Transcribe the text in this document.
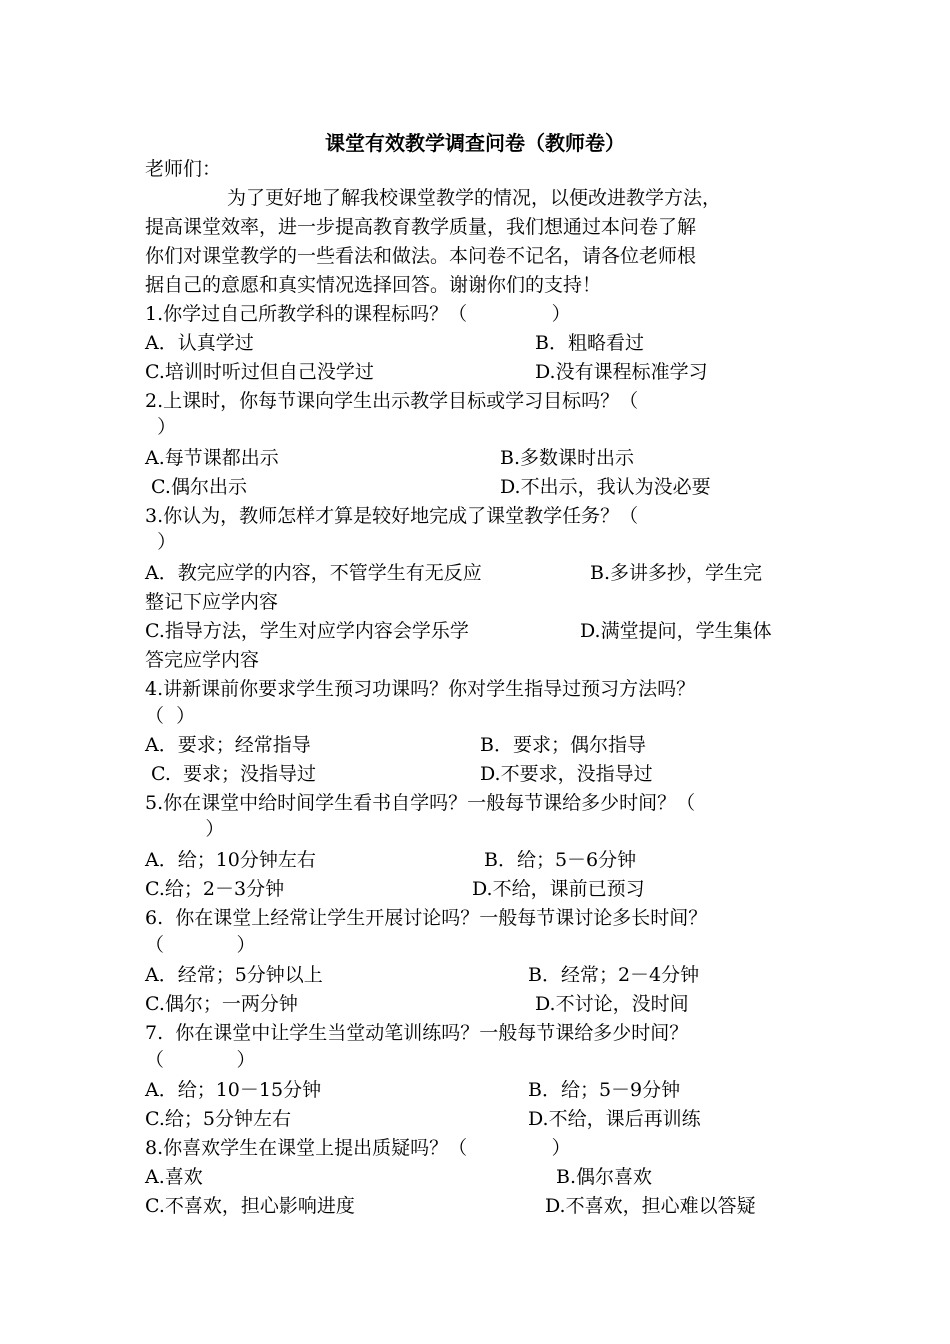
课堂有效教学调查问卷（教师卷）
老师们：
为了更好地了解我校课堂教学的情况，以便改进教学方法，
提高课堂效率，进一步提高教育教学质量，我们想通过本问卷了解
你们对课堂教学的一些看法和做法。本问卷不记名，请各位老师根
据自己的意愿和真实情况选择回答。谢谢你们的支持！
1.你学过自己所教学科的课程标吗？（              ）
A．认真学过	B．粗略看过
C.培训时听过但自己没学过	D.没有课程标准学习
2.上课时，你每节课向学生出示教学目标或学习目标吗？（
）
A.每节课都出示	B.多数课时出示
C.偶尔出示	D.不出示，我认为没必要
3.你认为，教师怎样才算是较好地完成了课堂教学任务？（
）
A．教完应学的内容，不管学生有无反应	B.多讲多抄，学生完
整记下应学内容
C.指导方法，学生对应学内容会学乐学	D.满堂提问，学生集体
答完应学内容
4.讲新课前你要求学生预习功课吗？你对学生指导过预习方法吗？
（  ）
A．要求；经常指导	B．要求；偶尔指导
C.  要求；没指导过	D.不要求，没指导过
5.你在课堂中给时间学生看书自学吗？一般每节课给多少时间？（
）
A．给；10分钟左右	B．给；5－6分钟
C.给；2－3分钟	D.不给，课前已预习
6.  你在课堂上经常让学生开展讨论吗？一般每节课讨论多长时间？
（            ）
A．经常；5分钟以上	B．经常；2－4分钟
C.偶尔；一两分钟	D.不讨论，没时间
7.  你在课堂中让学生当堂动笔训练吗？一般每节课给多少时间？
（            ）
A．给；10－15分钟	B．给；5－9分钟
C.给；5分钟左右	D.不给，课后再训练
8.你喜欢学生在课堂上提出质疑吗？（              ）
A.喜欢	B.偶尔喜欢
C.不喜欢，担心影响进度	D.不喜欢，担心难以答疑
